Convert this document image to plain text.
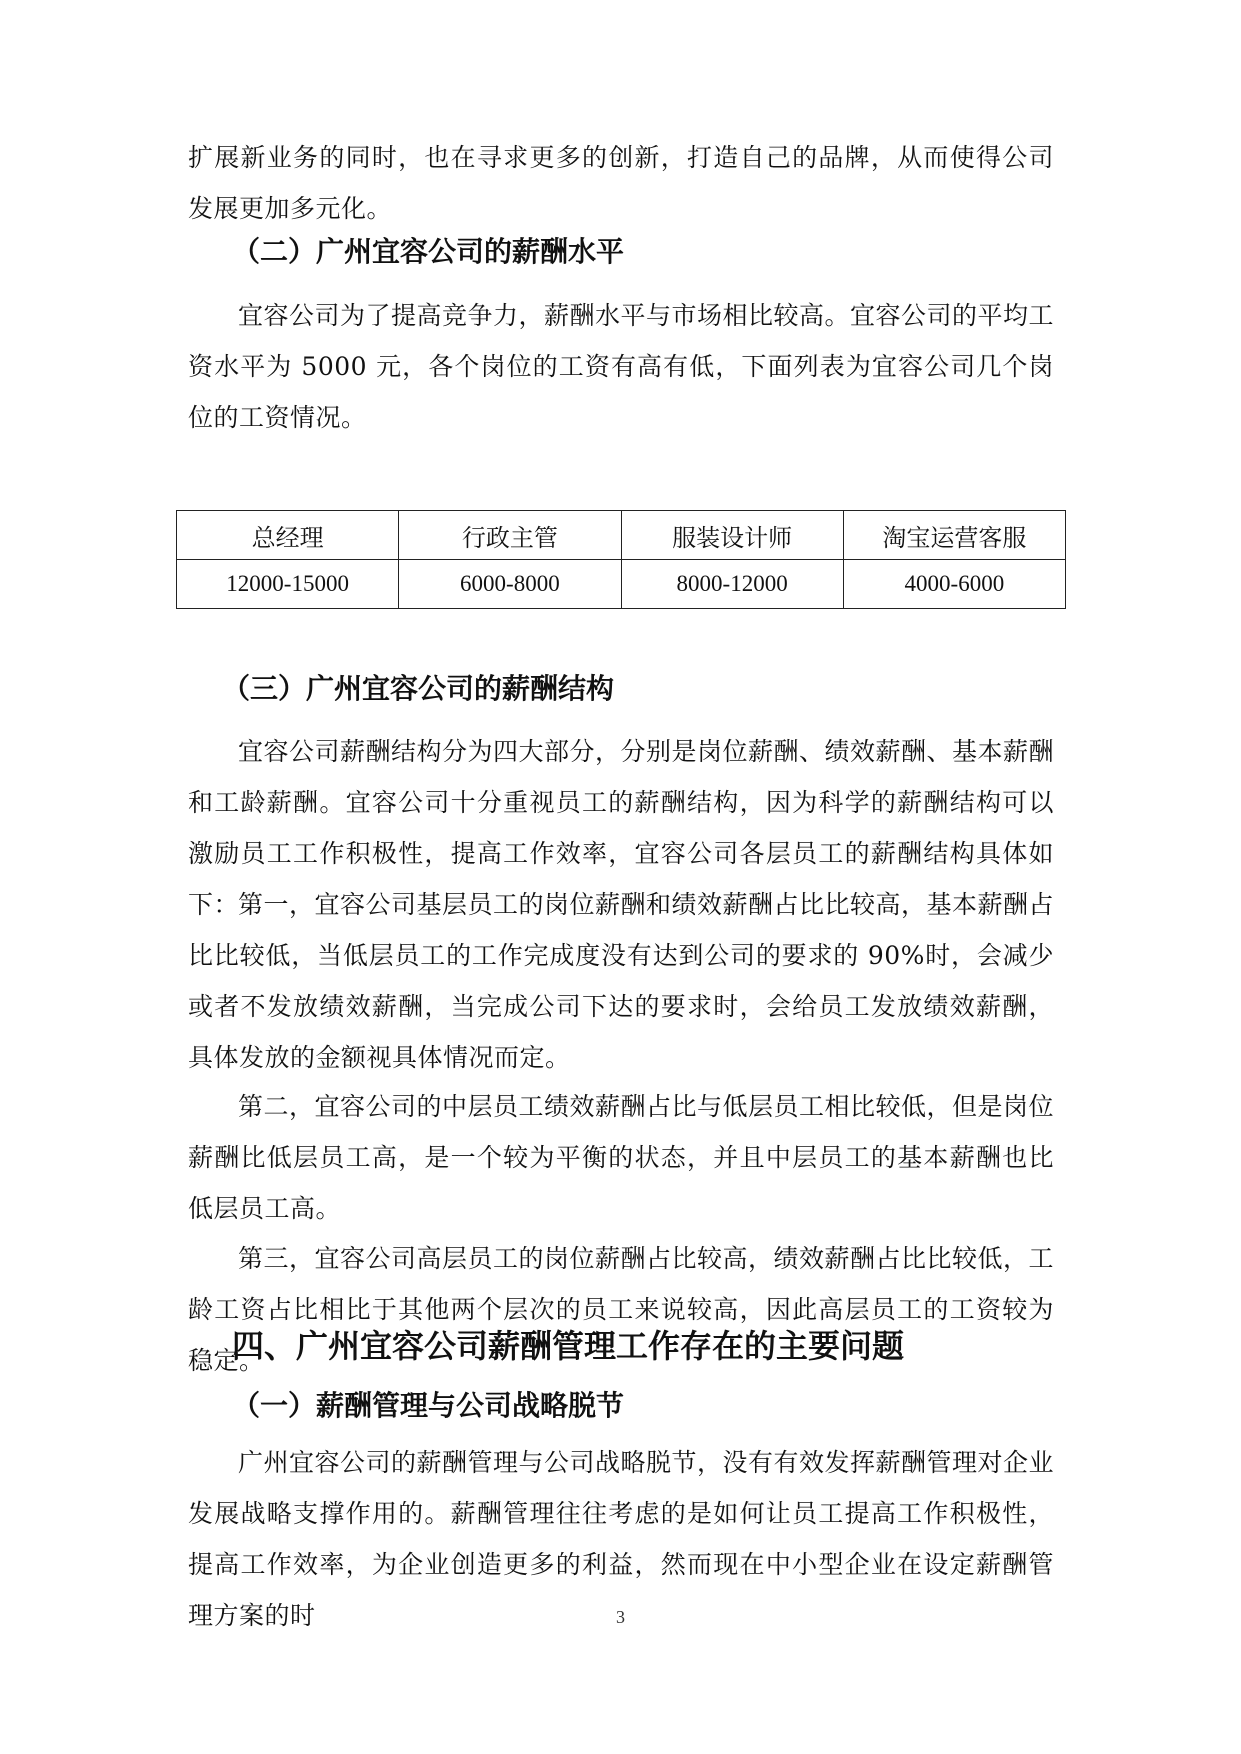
扩展新业务的同时，也在寻求更多的创新，打造自己的品牌，从而使得公司发展更加多元化。

（二）广州宜容公司的薪酬水平

宜容公司为了提高竞争力，薪酬水平与市场相比较高。宜容公司的平均工资水平为 5000 元，各个岗位的工资有高有低，下面列表为宜容公司几个岗位的工资情况。

总经理	行政主管	服装设计师	淘宝运营客服
12000-15000	6000-8000	8000-12000	4000-6000
（三）广州宜容公司的薪酬结构

宜容公司薪酬结构分为四大部分，分别是岗位薪酬、绩效薪酬、基本薪酬和工龄薪酬。宜容公司十分重视员工的薪酬结构，因为科学的薪酬结构可以激励员工工作积极性，提高工作效率，宜容公司各层员工的薪酬结构具体如下：

第一，宜容公司基层员工的岗位薪酬和绩效薪酬占比比较高，基本薪酬占比比较低，当低层员工的工作完成度没有达到公司的要求的 90%时，会减少或者不发放绩效薪酬，当完成公司下达的要求时，会给员工发放绩效薪酬，具体发放的金额视具体情况而定。

第二，宜容公司的中层员工绩效薪酬占比与低层员工相比较低，但是岗位薪酬比低层员工高，是一个较为平衡的状态，并且中层员工的基本薪酬也比低层员工高。

第三，宜容公司高层员工的岗位薪酬占比较高，绩效薪酬占比比较低，工龄工资占比相比于其他两个层次的员工来说较高，因此高层员工的工资较为稳定。

四、广州宜容公司薪酬管理工作存在的主要问题
（一）薪酬管理与公司战略脱节

广州宜容公司的薪酬管理与公司战略脱节，没有有效发挥薪酬管理对企业发展战略支撑作用的。薪酬管理往往考虑的是如何让员工提高工作积极性，提高工作效率，为企业创造更多的利益，然而现在中小型企业在设定薪酬管理方案的时	3
